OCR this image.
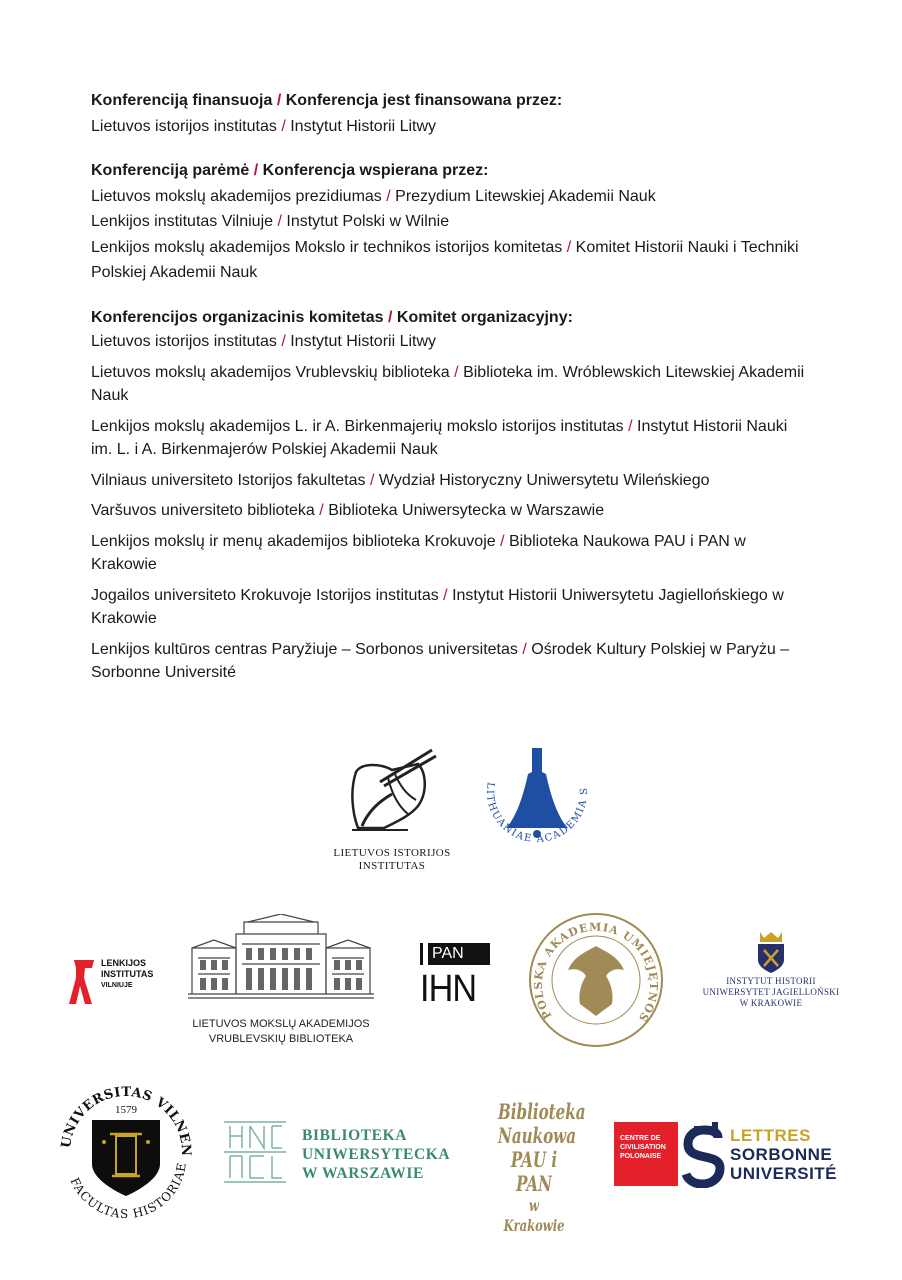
Konferenciją finansuoja / Konferencja jest finansowana przez:
Lietuvos istorijos institutas / Instytut Historii Litwy
Konferenciją parėmė / Konferencja wspierana przez:
Lietuvos mokslų akademijos prezidiumas / Prezydium Litewskiej Akademii Nauk
Lenkijos institutas Vilniuje / Instytut Polski w Wilnie
Lenkijos mokslų akademijos Mokslo ir technikos istorijos komitetas / Komitet Historii Nauki i Techniki Polskiej Akademii Nauk
Konferencijos organizacinis komitetas / Komitet organizacyjny:
Lietuvos istorijos institutas / Instytut Historii Litwy
Lietuvos mokslų akademijos Vrublevskių biblioteka / Biblioteka im. Wróblewskich Litewskiej Akademii Nauk
Lenkijos mokslų akademijos L. ir A. Birkenmajerių mokslo istorijos institutas / Instytut Historii Nauki im. L. i A. Birkenmajerów Polskiej Akademii Nauk
Vilniaus universiteto Istorijos fakultetas / Wydział Historyczny Uniwersytetu Wileńskiego
Varšuvos universiteto biblioteka / Biblioteka Uniwersytecka w Warszawie
Lenkijos mokslų ir menų akademijos biblioteka Krokuvoje / Biblioteka Naukowa PAU i PAN w Krakowie
Jogailos universiteto Krokuvoje Istorijos institutas / Instytut Historii Uniwersytetu Jagiellońskiego w Krakowie
Lenkijos kultūros centras Paryžiuje – Sorbonos universitetas / Ośrodek Kultury Polskiej w Paryżu – Sorbonne Université
LIETUVOS ISTORIJOS
INSTITUTAS
LITHUANIAE ACADEMIA S
LENKIJOS
INSTITUTAS
VILNIUJE
LIETUVOS MOKSLŲ AKADEMIJOS
VRUBLEVSKIŲ BIBLIOTEKA
PAN
IHN
POLSKA AKADEMIA UMIEJĘTNOŚ
INSTYTUT HISTORII
UNIWERSYTET JAGIELLOŃSKI
W KRAKOWIE
UNIVERSITAS VILNEN
FACULTAS HISTORIAE
1579
BIBLIOTEKA
UNIWERSYTECKA
W WARSZAWIE
Biblioteka
Naukowa
PAU i PAN
w Krakowie
CENTRE DE
CIVILISATION
POLONAISE
LETTRES
SORBONNE
UNIVERSITÉ
